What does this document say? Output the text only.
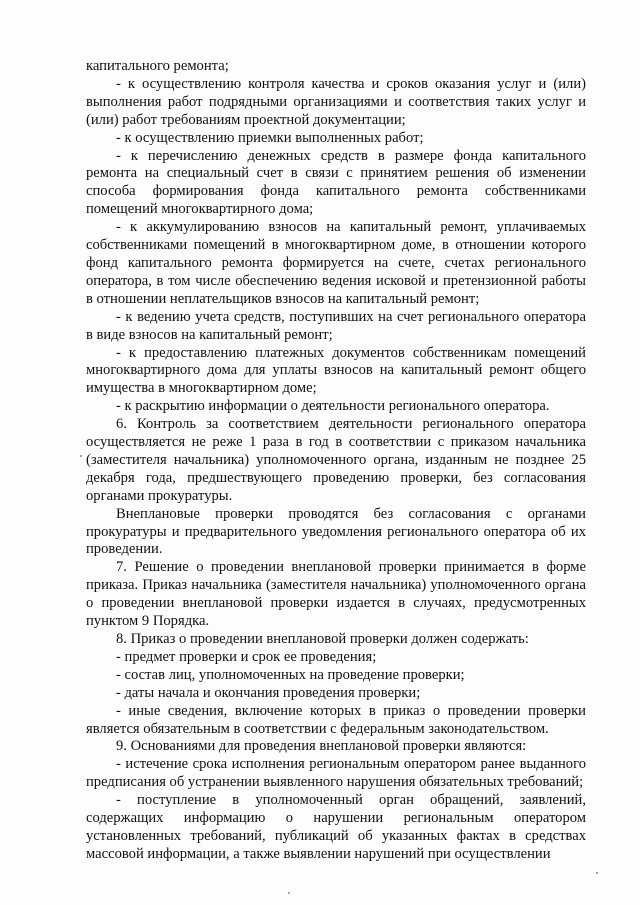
капитального ремонта;

- к осуществлению контроля качества и сроков оказания услуг и (или) выполнения работ подрядными организациями и соответствия таких услуг и (или) работ требованиям проектной документации;

- к осуществлению приемки выполненных работ;

- к перечислению денежных средств в размере фонда капитального ремонта на специальный счет в связи с принятием решения об изменении способа формирования фонда капитального ремонта собственниками помещений многоквартирного дома;

- к аккумулированию взносов на капитальный ремонт, уплачиваемых собственниками помещений в многоквартирном доме, в отношении которого фонд капитального ремонта формируется на счете, счетах регионального оператора, в том числе обеспечению ведения исковой и претензионной работы в отношении неплательщиков взносов на капитальный ремонт;

- к ведению учета средств, поступивших на счет регионального оператора в виде взносов на капитальный ремонт;

- к предоставлению платежных документов собственникам помещений многоквартирного дома для уплаты взносов на капитальный ремонт общего имущества в многоквартирном доме;

- к раскрытию информации о деятельности регионального оператора.

6. Контроль за соответствием деятельности регионального оператора осуществляется не реже 1 раза в год в соответствии с приказом начальника (заместителя начальника) уполномоченного органа, изданным не позднее 25 декабря года, предшествующего проведению проверки, без согласования органами прокуратуры.

Внеплановые проверки проводятся без согласования с органами прокуратуры и предварительного уведомления регионального оператора об их проведении.

7. Решение о проведении внеплановой проверки принимается в форме приказа. Приказ начальника (заместителя начальника) уполномоченного органа о проведении внеплановой проверки издается в случаях, предусмотренных пунктом 9 Порядка.

8. Приказ о проведении внеплановой проверки должен содержать:

- предмет проверки и срок ее проведения;

- состав лиц, уполномоченных на проведение проверки;

- даты начала и окончания проведения проверки;

- иные сведения, включение которых в приказ о проведении проверки является обязательным в соответствии с федеральным законодательством.

9. Основаниями для проведения внеплановой проверки являются:

- истечение срока исполнения региональным оператором ранее выданного предписания об устранении выявленного нарушения обязательных требований;

- поступление в уполномоченный орган обращений, заявлений, содержащих информацию о нарушении региональным оператором установленных требований, публикаций об указанных фактах в средствах массовой информации, а также выявлении нарушений при осуществлении
